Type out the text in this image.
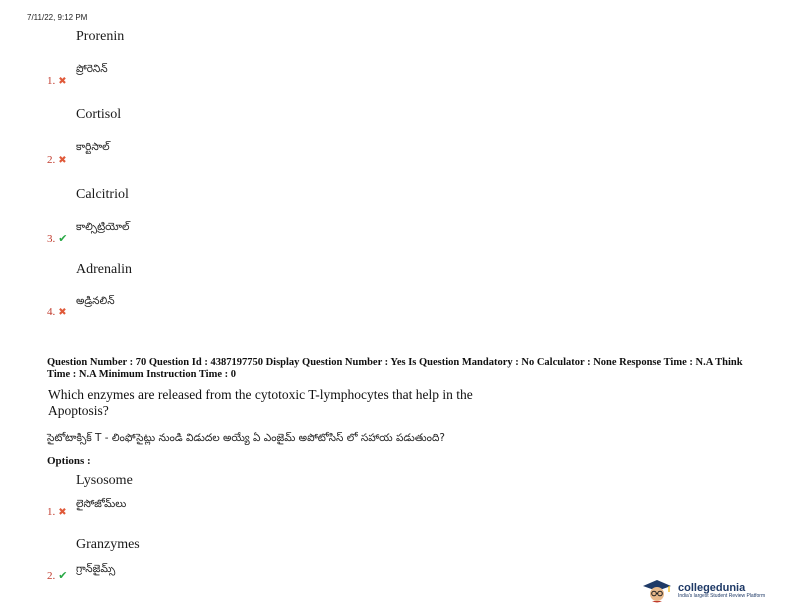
7/11/22, 9:12 PM
Prorenin
ప్రోరెనిన్
1. ✖
Cortisol
కార్టిసాల్
2. ✖
Calcitriol
కాల్సిట్రియోల్
3. ✔
Adrenalin
అడ్రినలిన్
4. ✖
Question Number : 70 Question Id : 4387197750 Display Question Number : Yes Is Question Mandatory : No Calculator : None Response Time : N.A Think Time : N.A Minimum Instruction Time : 0
Which enzymes are released from the cytotoxic T-lymphocytes that help in the
Apoptosis?
సైటోటాక్సిక్ T - లింఫోసైట్లు నుండి విడుదల అయ్యే ఏ ఎంజైమ్ అపోటోసిస్ లో సహాయ పడుతుంది?
Options :
Lysosome
లైసోజోమ్‌లు
1. ✖
Granzymes
గ్రాన్‌జైమ్స్
2. ✔
collegedunia
India's largest Student Review Platform
